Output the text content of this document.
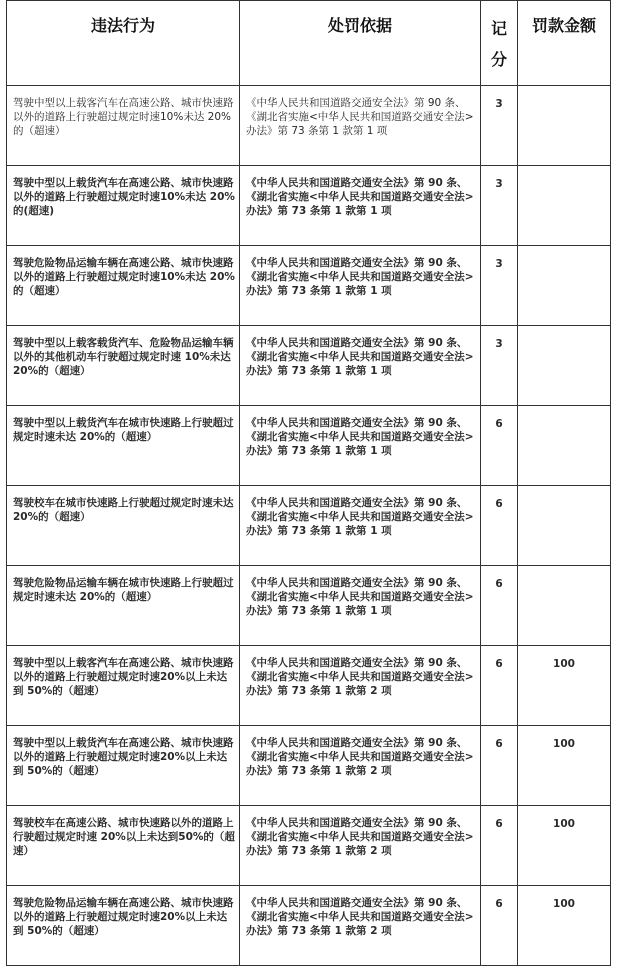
违法行为	处罚依据	记分	罚款金额

驾驶中型以上载客汽车在高速公路、城市快速路以外的道路上行驶超过规定时速10%未达 20%的（超速）	《中华人民共和国道路交通安全法》第 90 条、《湖北省实施<中华人民共和国道路交通安全法>办法》第 73 条第 1 款第 1 项	3	
驾驶中型以上载货汽车在高速公路、城市快速路以外的道路上行驶超过规定时速10%未达 20%的(超速)	《中华人民共和国道路交通安全法》第 90 条、《湖北省实施<中华人民共和国道路交通安全法>办法》第 73 条第 1 款第 1 项	3	
驾驶危险物品运输车辆在高速公路、城市快速路以外的道路上行驶超过规定时速10%未达 20%的（超速）	《中华人民共和国道路交通安全法》第 90 条、《湖北省实施<中华人民共和国道路交通安全法>办法》第 73 条第 1 款第 1 项	3	
驾驶中型以上载客载货汽车、危险物品运输车辆以外的其他机动车行驶超过规定时速 10%未达 20%的（超速）	《中华人民共和国道路交通安全法》第 90 条、《湖北省实施<中华人民共和国道路交通安全法>办法》第 73 条第 1 款第 1 项	3	
驾驶中型以上载货汽车在城市快速路上行驶超过规定时速未达 20%的（超速）	《中华人民共和国道路交通安全法》第 90 条、《湖北省实施<中华人民共和国道路交通安全法>办法》第 73 条第 1 款第 1 项	6	
驾驶校车在城市快速路上行驶超过规定时速未达 20%的（超速）	《中华人民共和国道路交通安全法》第 90 条、《湖北省实施<中华人民共和国道路交通安全法>办法》第 73 条第 1 款第 1 项	6	
驾驶危险物品运输车辆在城市快速路上行驶超过规定时速未达 20%的（超速）	《中华人民共和国道路交通安全法》第 90 条、《湖北省实施<中华人民共和国道路交通安全法>办法》第 73 条第 1 款第 1 项	6	
驾驶中型以上载客汽车在高速公路、城市快速路以外的道路上行驶超过规定时速20%以上未达到 50%的（超速）	《中华人民共和国道路交通安全法》第 90 条、《湖北省实施<中华人民共和国道路交通安全法>办法》第 73 条第 1 款第 2 项	6	100
驾驶中型以上载货汽车在高速公路、城市快速路以外的道路上行驶超过规定时速20%以上未达到 50%的（超速）	《中华人民共和国道路交通安全法》第 90 条、《湖北省实施<中华人民共和国道路交通安全法>办法》第 73 条第 1 款第 2 项	6	100
驾驶校车在高速公路、城市快速路以外的道路上行驶超过规定时速 20%以上未达到50%的（超速）	《中华人民共和国道路交通安全法》第 90 条、《湖北省实施<中华人民共和国道路交通安全法>办法》第 73 条第 1 款第 2 项	6	100
驾驶危险物品运输车辆在高速公路、城市快速路以外的道路上行驶超过规定时速20%以上未达到 50%的（超速）	《中华人民共和国道路交通安全法》第 90 条、《湖北省实施<中华人民共和国道路交通安全法>办法》第 73 条第 1 款第 2 项	6	100
